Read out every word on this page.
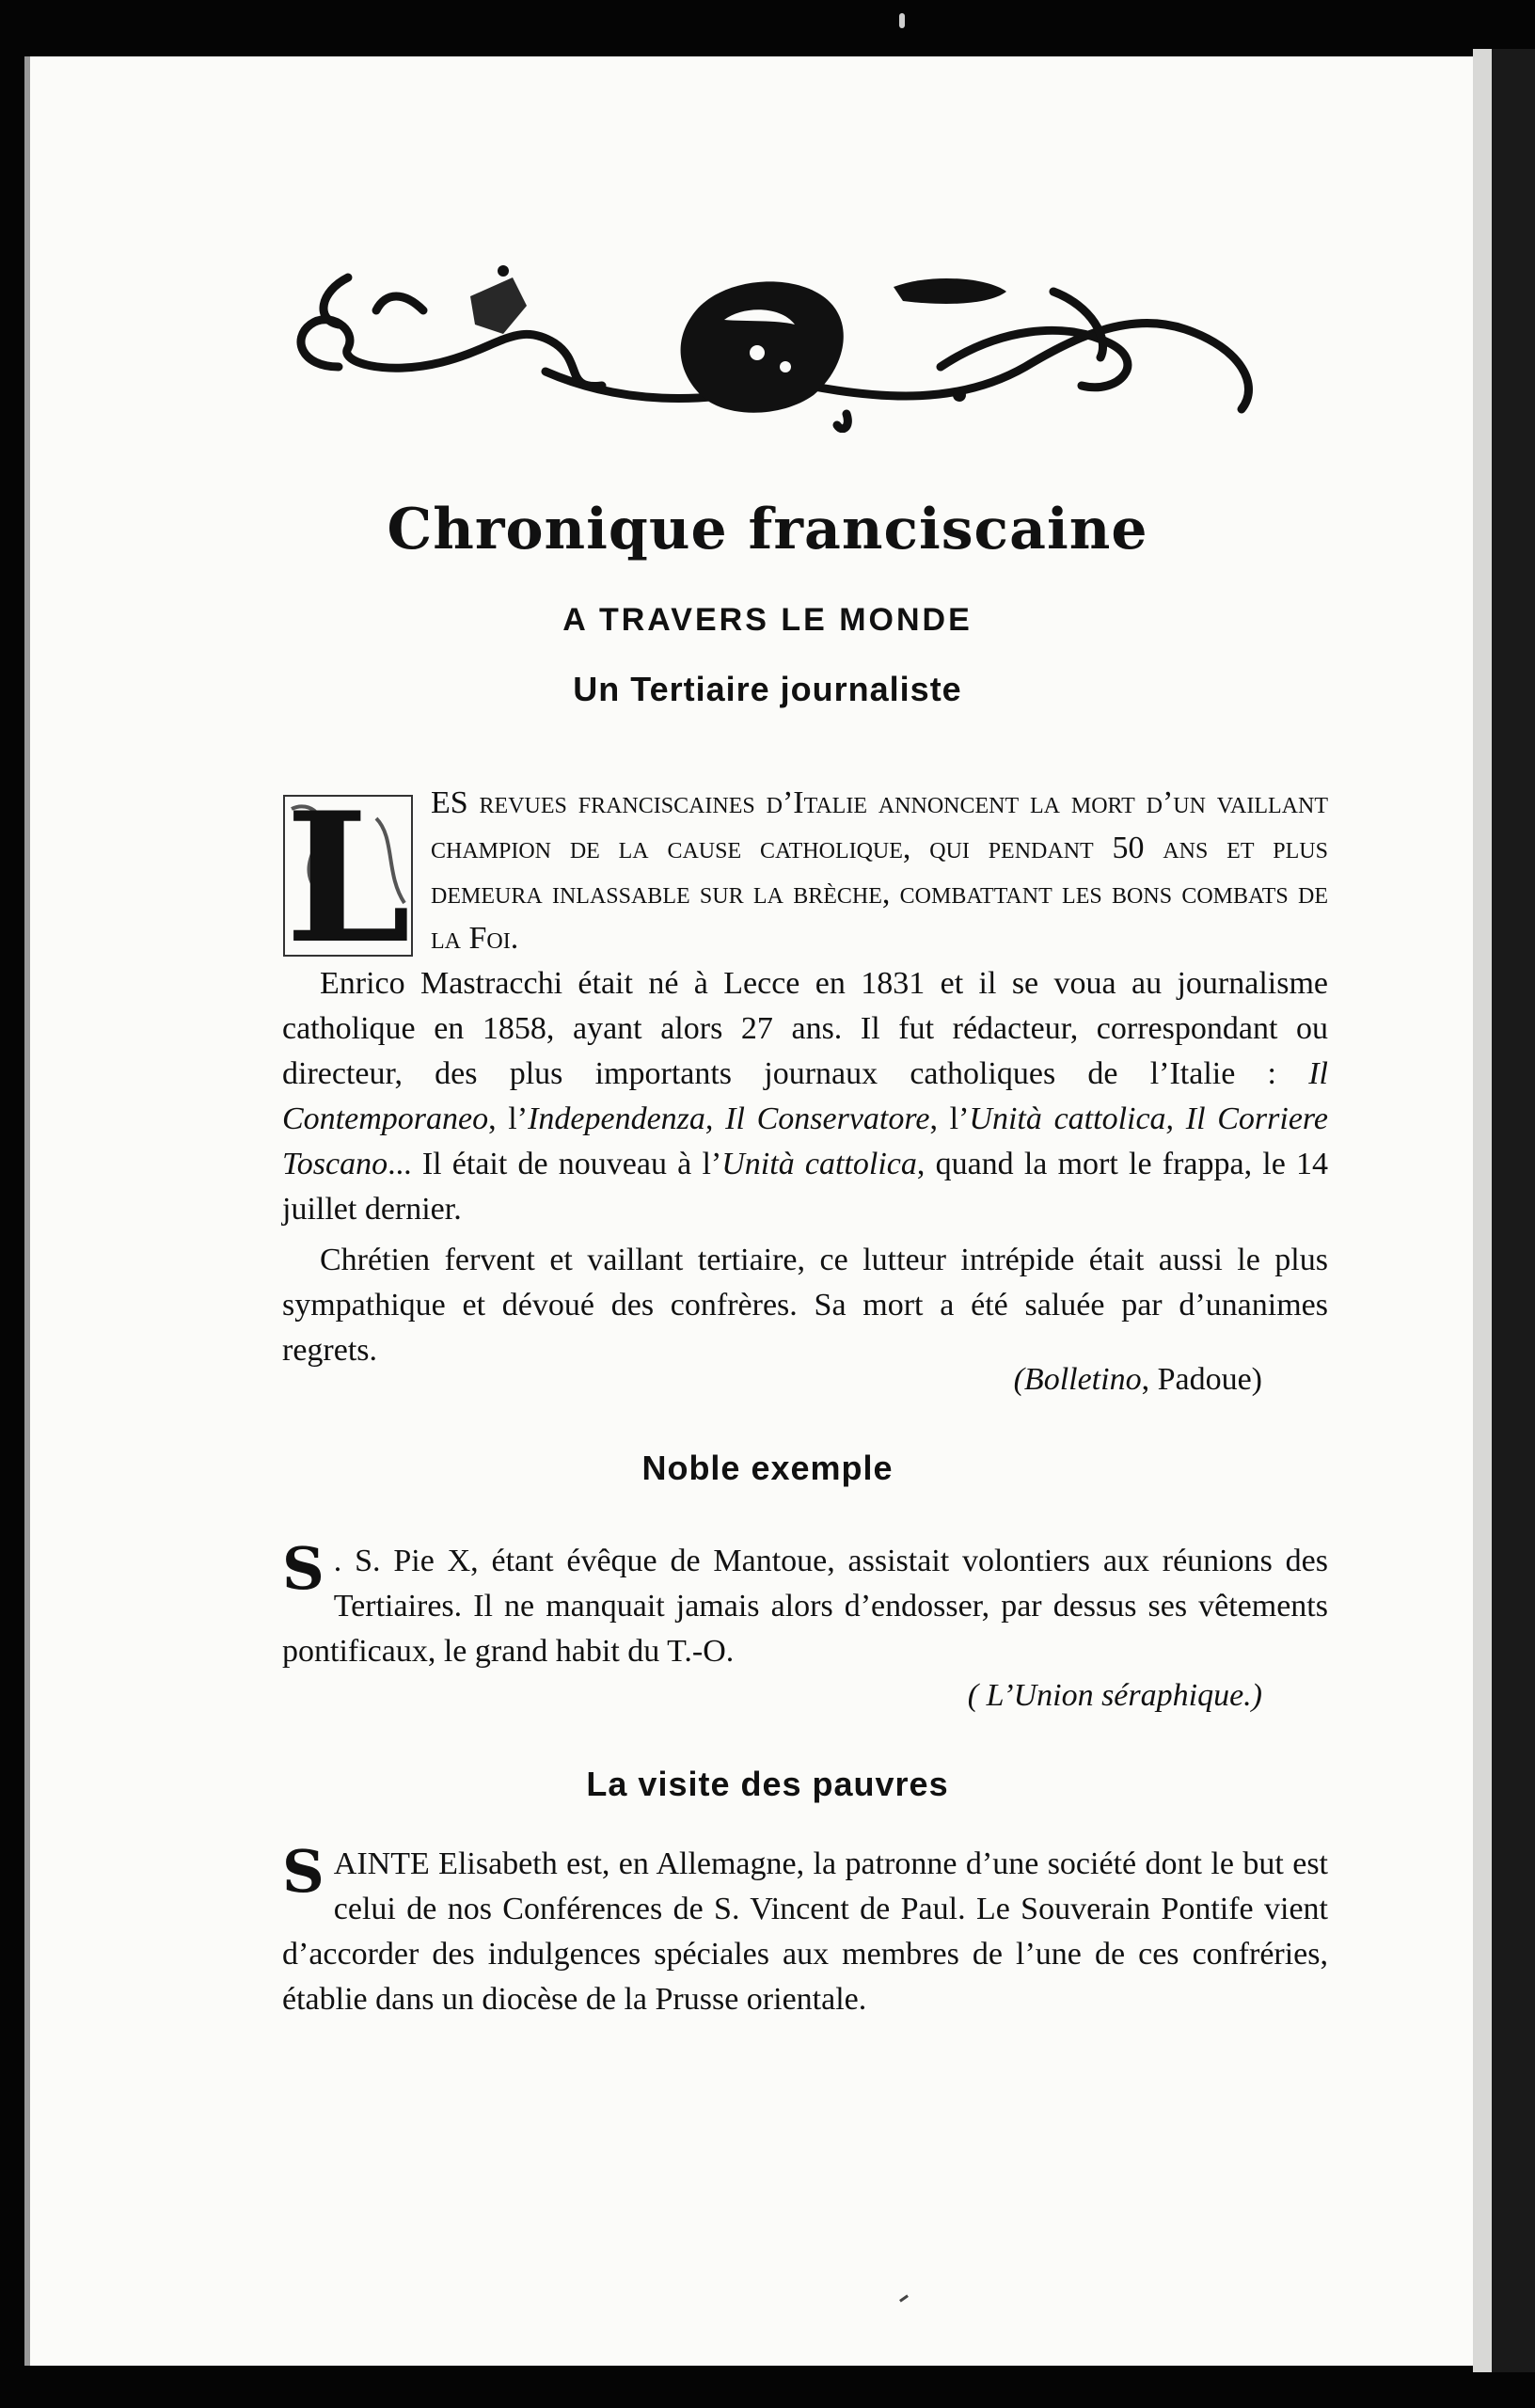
Chronique franciscaine
A TRAVERS LE MONDE
Un Tertiaire journaliste
L ES revues franciscaines d’Italie annoncent la mort d’un vaillant champion de la cause catholique, qui pendant 50 ans et plus demeura inlassable sur la brèche, combattant les bons combats de la Foi.

Enrico Mastracchi était né à Lecce en 1831 et il se voua au journalisme catholique en 1858, ayant alors 27 ans. Il fut rédacteur, correspondant ou directeur, des plus importants journaux catholiques de l’Italie : Il Contemporaneo, l’Independenza, Il Conservatore, l’Unità cattolica, Il Corriere Toscano... Il était de nouveau à l’Unità cattolica, quand la mort le frappa, le 14 juillet dernier.

Chrétien fervent et vaillant tertiaire, ce lutteur intrépide était aussi le plus sympathique et dévoué des confrères. Sa mort a été saluée par d’unanimes regrets.

(Bolletino, Padoue)
Noble exemple

S . S. Pie X, étant évêque de Mantoue, assistait volontiers aux réunions des Tertiaires. Il ne manquait jamais alors d’endosser, par dessus ses vêtements pontificaux, le grand habit du T.-O.

( L’Union séraphique.)
La visite des pauvres

SAINTE Elisabeth est, en Allemagne, la patronne d’une société dont le but est celui de nos Conférences de S. Vincent de Paul. Le Souverain Pontife vient d’accorder des indulgences spéciales aux membres de l’une de ces confréries, établie dans un diocèse de la Prusse orientale.
